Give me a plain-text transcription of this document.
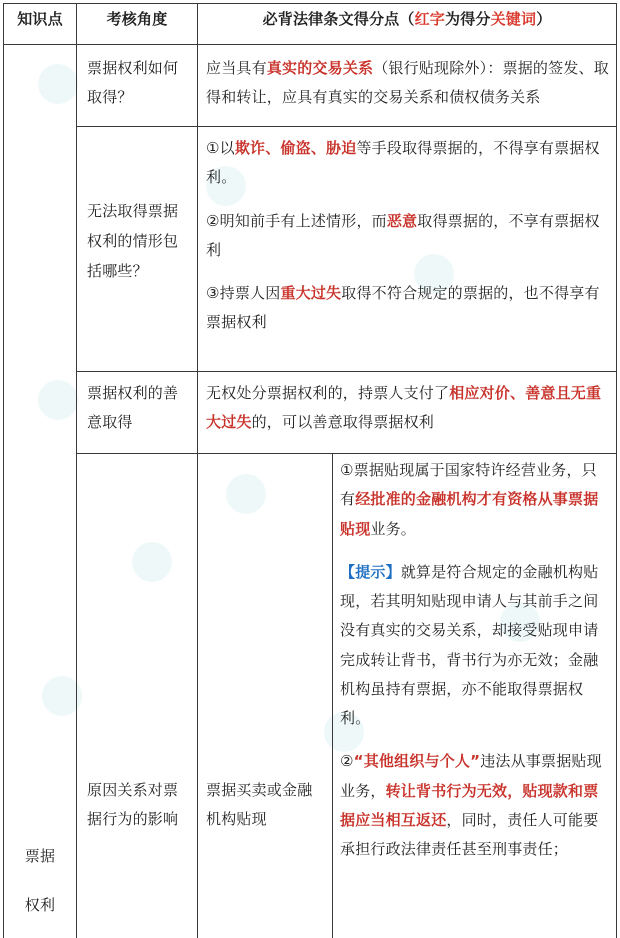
知识点	考核角度	必背法律条文得分点（红字为得分关键词）
票据权利如何取得？
应当具有真实的交易关系（银行贴现除外）：票据的签发、取得和转让，应具有真实的交易关系和债权债务关系
无法取得票据权利的情形包括哪些？

①以欺诈、偷盗、胁迫等手段取得票据的，不得享有票据权利。

②明知前手有上述情形，而恶意取得票据的，不享有票据权利

③持票人因重大过失取得不符合规定的票据的，也不得享有票据权利

票据权利的善意取得
无权处分票据权利的，持票人支付了相应对价、善意且无重大过失的，可以善意取得票据权利
原因关系对票据行为的影响
票据买卖或金融机构贴现

①票据贴现属于国家特许经营业务，只有经批准的金融机构才有资格从事票据贴现业务。

【提示】就算是符合规定的金融机构贴现，若其明知贴现申请人与其前手之间没有真实的交易关系，却接受贴现申请完成转让背书，背书行为亦无效；金融机构虽持有票据，亦不能取得票据权利。

②“其他组织与个人”违法从事票据贴现业务，转让背书行为无效，贴现款和票据应当相互返还，同时，责任人可能要承担行政法律责任甚至刑事责任；

票据

权利
